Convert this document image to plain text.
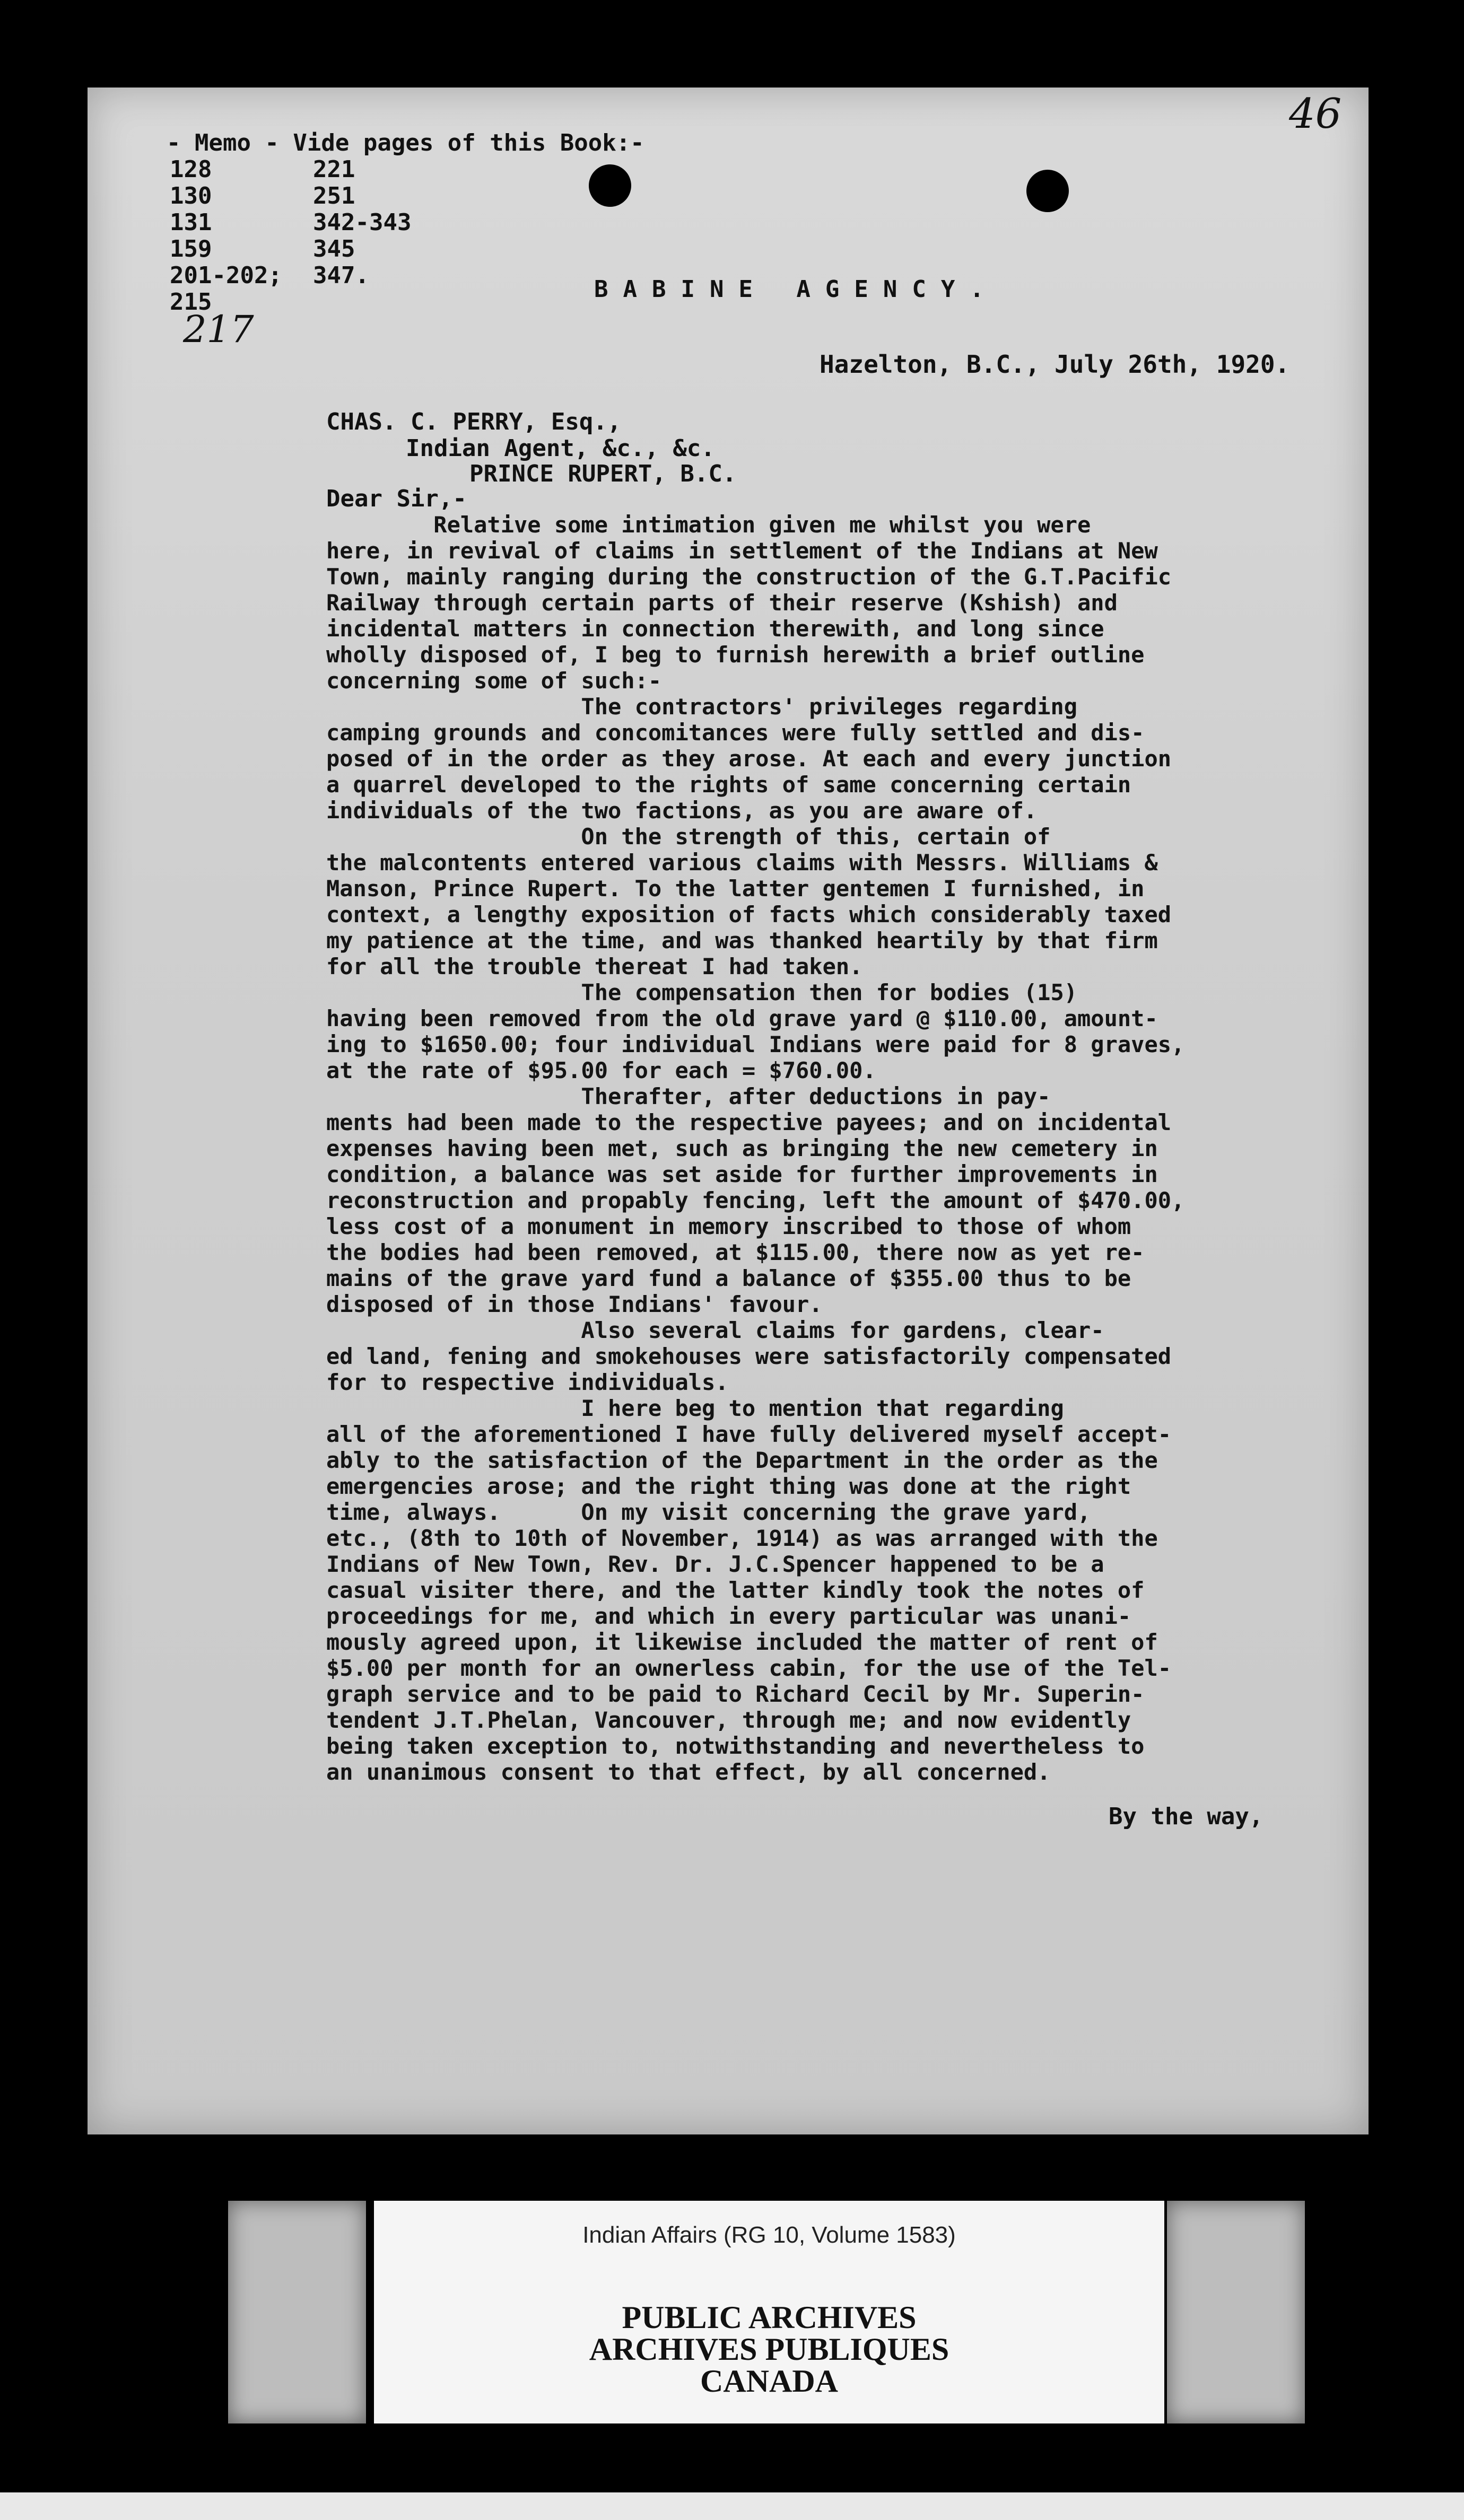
46
- Memo - Vide pages of this Book:-
128	221
130	251
131	342-343
159	345
201-202;	347.
215
217
BABINE AGENCY.
Hazelton, B.C., July 26th, 1920.
CHAS. C. PERRY, Esq.,
Indian Agent, &c., &c.
PRINCE RUPERT, B.C.
Dear Sir,-
Relative some intimation given me whilst you were
here, in revival of claims in settlement of the Indians at New
Town, mainly ranging during the construction of the G.T.Pacific
Railway through certain parts of their reserve (Kshish) and
incidental matters in connection therewith, and long since
wholly disposed of, I beg to furnish herewith a brief outline
concerning some of such:-
The contractors' privileges regarding
camping grounds and concomitances were fully settled and dis-
posed of in the order as they arose. At each and every junction
a quarrel developed to the rights of same concerning certain
individuals of the two factions, as you are aware of.
On the strength of this, certain of
the malcontents entered various claims with Messrs. Williams &
Manson, Prince Rupert. To the latter gentemen I furnished, in
context, a lengthy exposition of facts which considerably taxed
my patience at the time, and was thanked heartily by that firm
for all the trouble thereat I had taken.
The compensation then for bodies (15)
having been removed from the old grave yard @ $110.00, amount-
ing to $1650.00; four individual Indians were paid for 8 graves,
at the rate of $95.00 for each = $760.00.
Therafter, after deductions in pay-
ments had been made to the respective payees; and on incidental
expenses having been met, such as bringing the new cemetery in
condition, a balance was set aside for further improvements in
reconstruction and propably fencing, left the amount of $470.00,
less cost of a monument in memory inscribed to those of whom
the bodies had been removed, at $115.00, there now as yet re-
mains of the grave yard fund a balance of $355.00 thus to be
disposed of in those Indians' favour.
Also several claims for gardens, clear-
ed land, fening and smokehouses were satisfactorily compensated
for to respective individuals.
I here beg to mention that regarding
all of the aforementioned I have fully delivered myself accept-
ably to the satisfaction of the Department in the order as the
emergencies arose; and the right thing was done at the right
time, always.      On my visit concerning the grave yard,
etc., (8th to 10th of November, 1914) as was arranged with the
Indians of New Town, Rev. Dr. J.C.Spencer happened to be a
casual visiter there, and the latter kindly took the notes of
proceedings for me, and which in every particular was unani-
mously agreed upon, it likewise included the matter of rent of
$5.00 per month for an ownerless cabin, for the use of the Tel-
graph service and to be paid to Richard Cecil by Mr. Superin-
tendent J.T.Phelan, Vancouver, through me; and now evidently
being taken exception to, notwithstanding and nevertheless to
an unanimous consent to that effect, by all concerned.
By the way,
Indian Affairs (RG 10, Volume 1583)
PUBLIC ARCHIVES
ARCHIVES PUBLIQUES
CANADA
